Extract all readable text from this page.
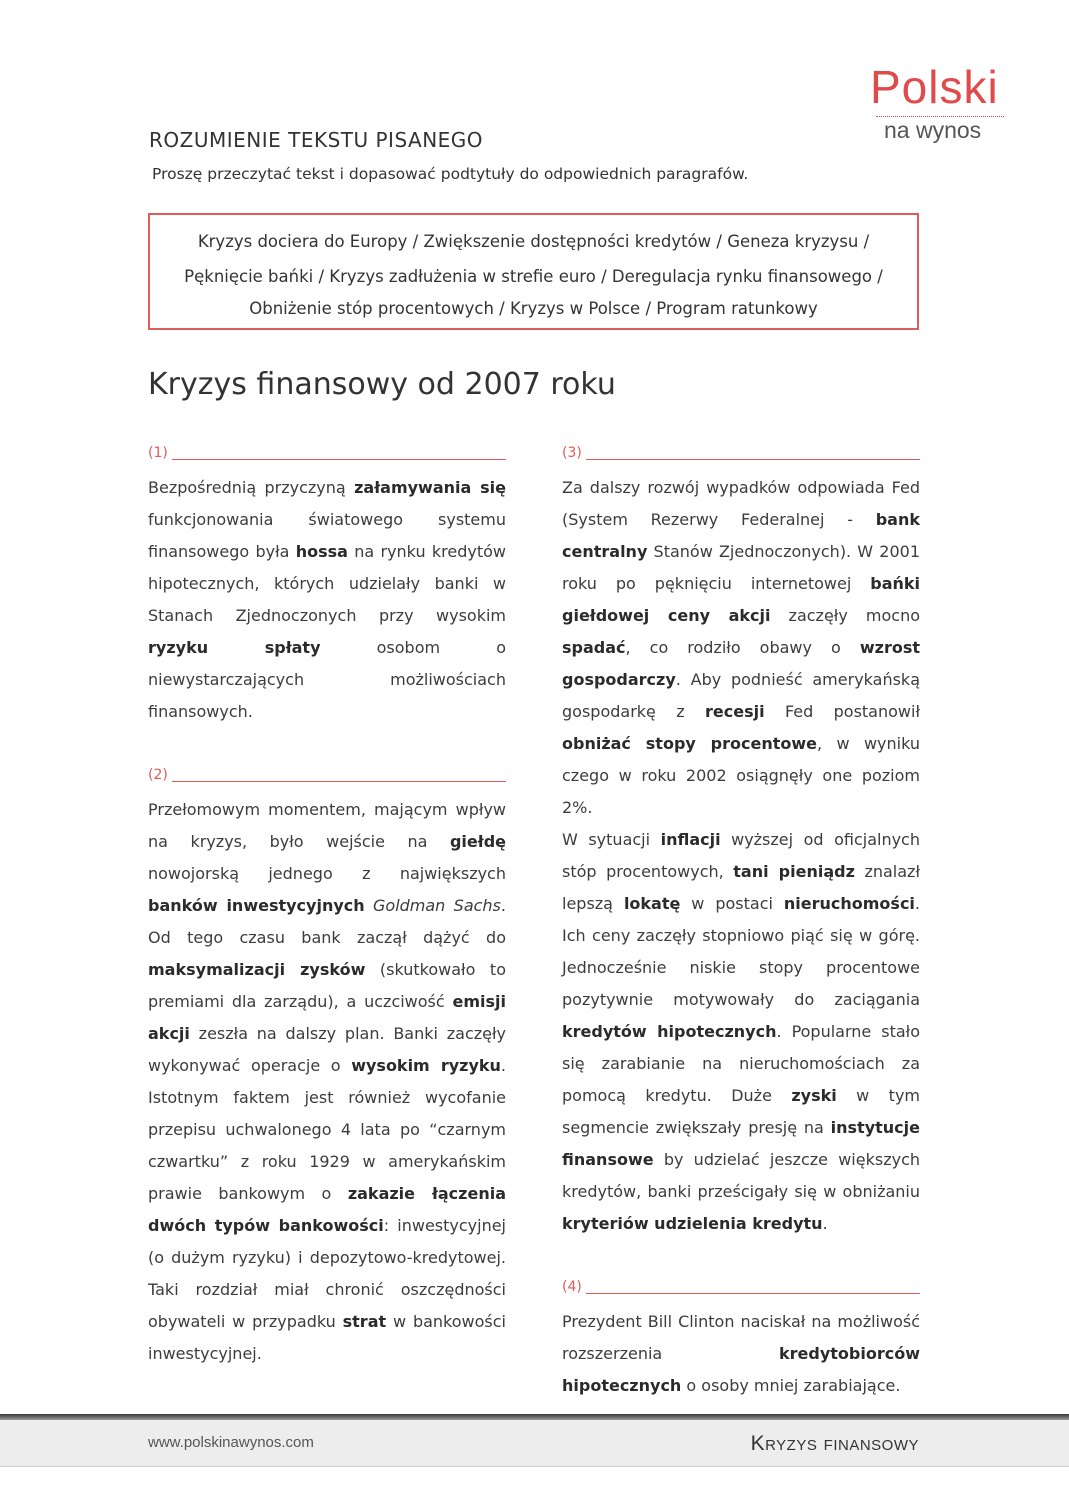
Polski
na wynos
ROZUMIENIE TEKSTU PISANEGO
Proszę przeczytać tekst i dopasować podtytuły do odpowiednich paragrafów.
Kryzys dociera do Europy / Zwiększenie dostępności kredytów / Geneza kryzysu /
Pęknięcie bańki / Kryzys zadłużenia w strefie euro / Deregulacja rynku finansowego /
Obniżenie stóp procentowych / Kryzys w Polsce / Program ratunkowy
Kryzys finansowy od 2007 roku
(1)

Bezpośrednią przyczyną załamywania się funkcjonowania światowego systemu finansowego była hossa na rynku kredytów hipotecznych, których udzielały banki w Stanach Zjednoczonych przy wysokim ryzyku spłaty osobom o niewystarczających możliwościach finansowych.

(2)

Przełomowym momentem, mającym wpływ na kryzys, było wejście na giełdę nowojorską jednego z największych banków inwestycyjnych Goldman Sachs. Od tego czasu bank zaczął dążyć do maksymalizacji zysków (skutkowało to premiami dla zarządu), a uczciwość emisji akcji zeszła na dalszy plan. Banki zaczęły wykonywać operacje o wysokim ryzyku. Istotnym faktem jest również wycofanie przepisu uchwalonego 4 lata po “czarnym czwartku” z roku 1929 w amerykańskim prawie bankowym o zakazie łączenia dwóch typów bankowości: inwestycyjnej (o dużym ryzyku) i depozytowo-kredytowej. Taki rozdział miał chronić oszczędności obywateli w przypadku strat w bankowości inwestycyjnej.

(3)

Za dalszy rozwój wypadków odpowiada Fed (System Rezerwy Federalnej - bank centralny Stanów Zjednoczonych). W 2001 roku po pęknięciu internetowej bańki giełdowej ceny akcji zaczęły mocno spadać, co rodziło obawy o wzrost gospodarczy. Aby podnieść amerykańską gospodarkę z recesji Fed postanowił obniżać stopy procentowe, w wyniku czego w roku 2002 osiągnęły one poziom 2%.
W sytuacji inflacji wyższej od oficjalnych stóp procentowych, tani pieniądz znalazł lepszą lokatę w postaci nieruchomości. Ich ceny zaczęły stopniowo piąć się w górę. Jednocześnie niskie stopy procentowe pozytywnie motywowały do zaciągania kredytów hipotecznych. Popularne stało się zarabianie na nieruchomościach za pomocą kredytu. Duże zyski w tym segmencie zwiększały presję na instytucje finansowe by udzielać jeszcze większych kredytów, banki prześcigały się w obniżaniu kryteriów udzielenia kredytu.

(4)

Prezydent Bill Clinton naciskał na możliwość rozszerzenia kredytobiorców hipotecznych o osoby mniej zarabiające.

www.polskinawynos.com	Kryzys finansowy
